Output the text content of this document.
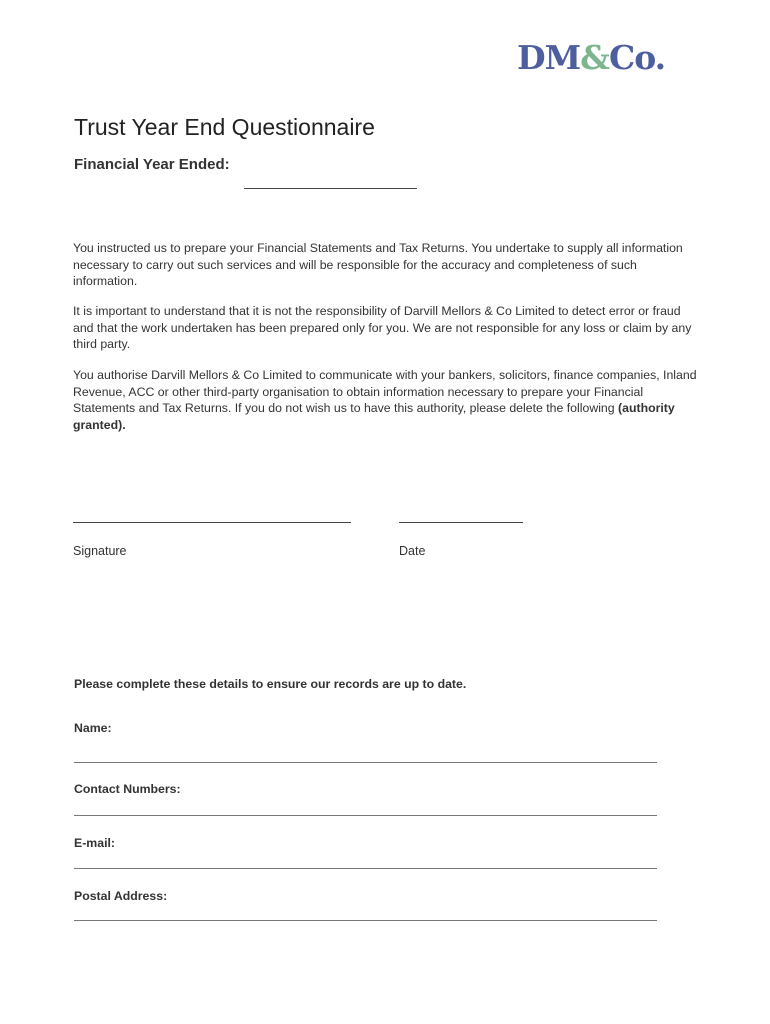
DM&Co.
Trust Year End Questionnaire
Financial Year Ended:

You instructed us to prepare your Financial Statements and Tax Returns. You undertake to supply all information necessary to carry out such services and will be responsible for the accuracy and completeness of such information.

It is important to understand that it is not the responsibility of Darvill Mellors & Co Limited to detect error or fraud and that the work undertaken has been prepared only for you. We are not responsible for any loss or claim by any third party.

You authorise Darvill Mellors & Co Limited to communicate with your bankers, solicitors, finance companies, Inland Revenue, ACC or other third-party organisation to obtain information necessary to prepare your Financial Statements and Tax Returns. If you do not wish us to have this authority, please delete the following (authority granted).

Signature	Date
Please complete these details to ensure our records are up to date.
Name:
Contact Numbers:
E-mail:
Postal Address:
